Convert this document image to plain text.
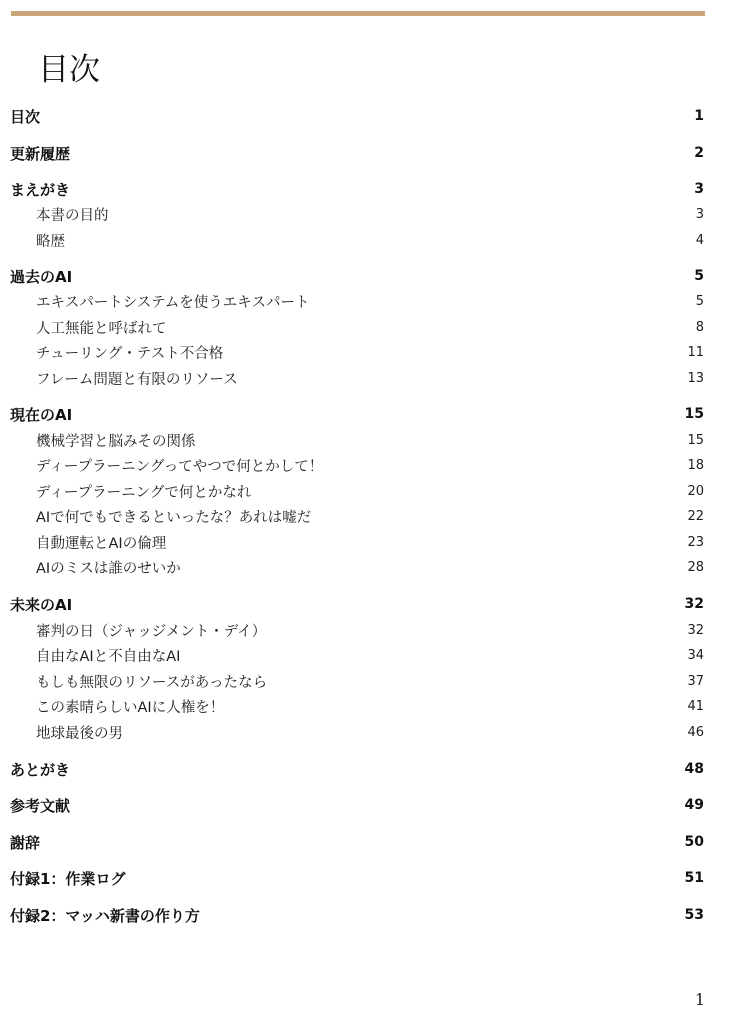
目次
目次	1
更新履歴	2
まえがき	3
本書の目的	3
略歴	4
過去のAI	5
エキスパートシステムを使うエキスパート	5
人工無能と呼ばれて	8
チューリング・テスト不合格	11
フレーム問題と有限のリソース	13
現在のAI	15
機械学習と脳みその関係	15
ディープラーニングってやつで何とかして！	18
ディープラーニングで何とかなれ	20
AIで何でもできるといったな？あれは嘘だ	22
自動運転とAIの倫理	23
AIのミスは誰のせいか	28
未来のAI	32
審判の日（ジャッジメント・デイ）	32
自由なAIと不自由なAI	34
もしも無限のリソースがあったなら	37
この素晴らしいAIに人権を！	41
地球最後の男	46
あとがき	48
参考文献	49
謝辞	50
付録1：作業ログ	51
付録2：マッハ新書の作り方	53
1
